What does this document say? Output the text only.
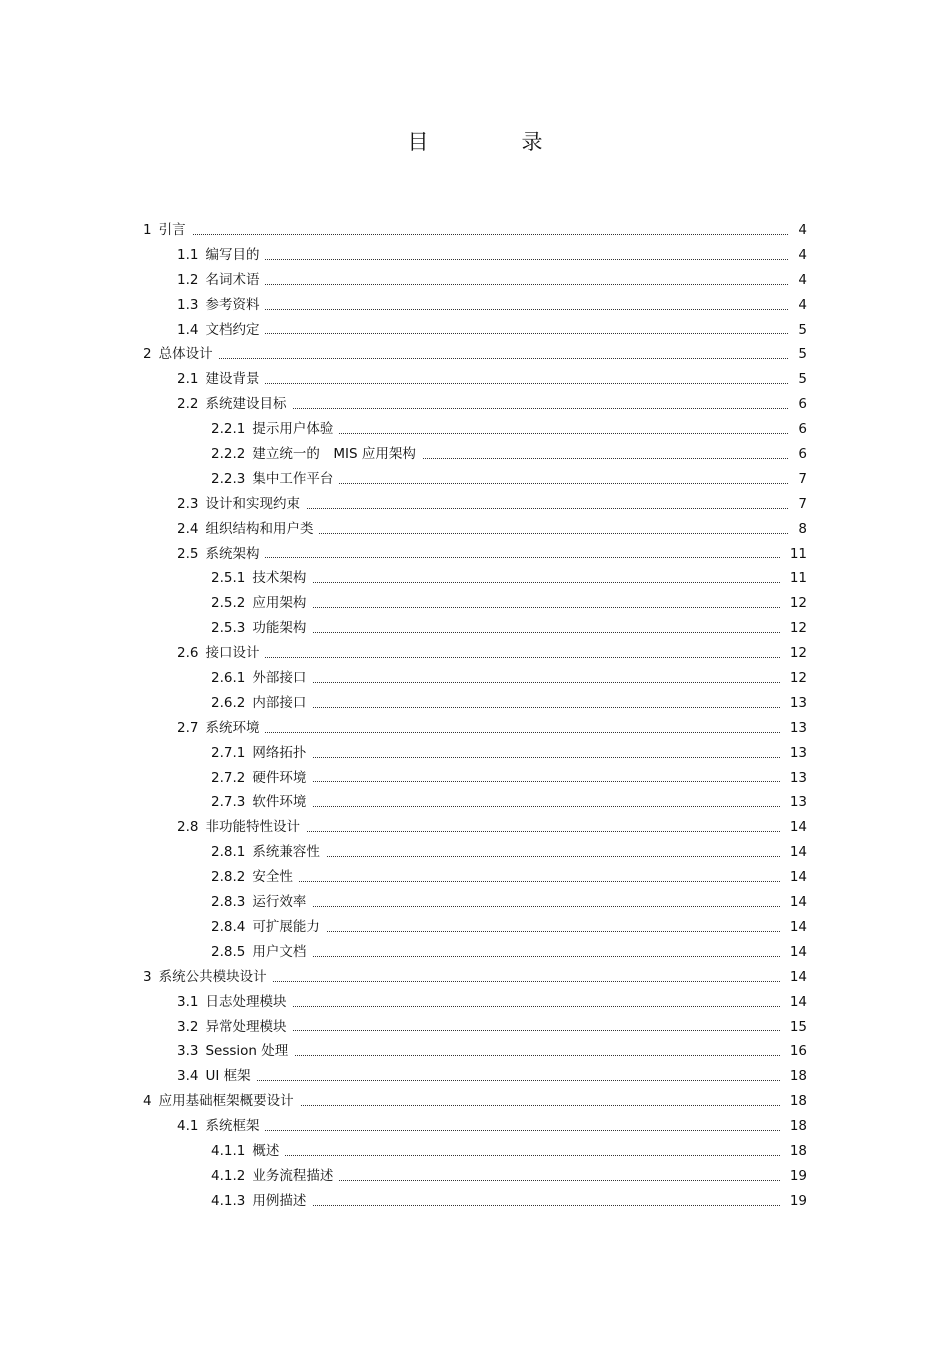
目　录
1 引言	4
1.1 编写目的	4
1.2 名词术语	4
1.3 参考资料	4
1.4 文档约定	5
2 总体设计	5
2.1 建设背景	5
2.2 系统建设目标	6
2.2.1 提示用户体验	6
2.2.2 建立统一的　MIS 应用架构	6
2.2.3 集中工作平台	7
2.3 设计和实现约束	7
2.4 组织结构和用户类	8
2.5 系统架构	11
2.5.1 技术架构	11
2.5.2 应用架构	12
2.5.3 功能架构	12
2.6 接口设计	12
2.6.1 外部接口	12
2.6.2 内部接口	13
2.7 系统环境	13
2.7.1 网络拓扑	13
2.7.2 硬件环境	13
2.7.3 软件环境	13
2.8 非功能特性设计	14
2.8.1 系统兼容性	14
2.8.2 安全性	14
2.8.3 运行效率	14
2.8.4 可扩展能力	14
2.8.5 用户文档	14
3 系统公共模块设计	14
3.1 日志处理模块	14
3.2 异常处理模块	15
3.3 Session 处理	16
3.4 UI 框架	18
4 应用基础框架概要设计	18
4.1 系统框架	18
4.1.1 概述	18
4.1.2 业务流程描述	19
4.1.3 用例描述	19
